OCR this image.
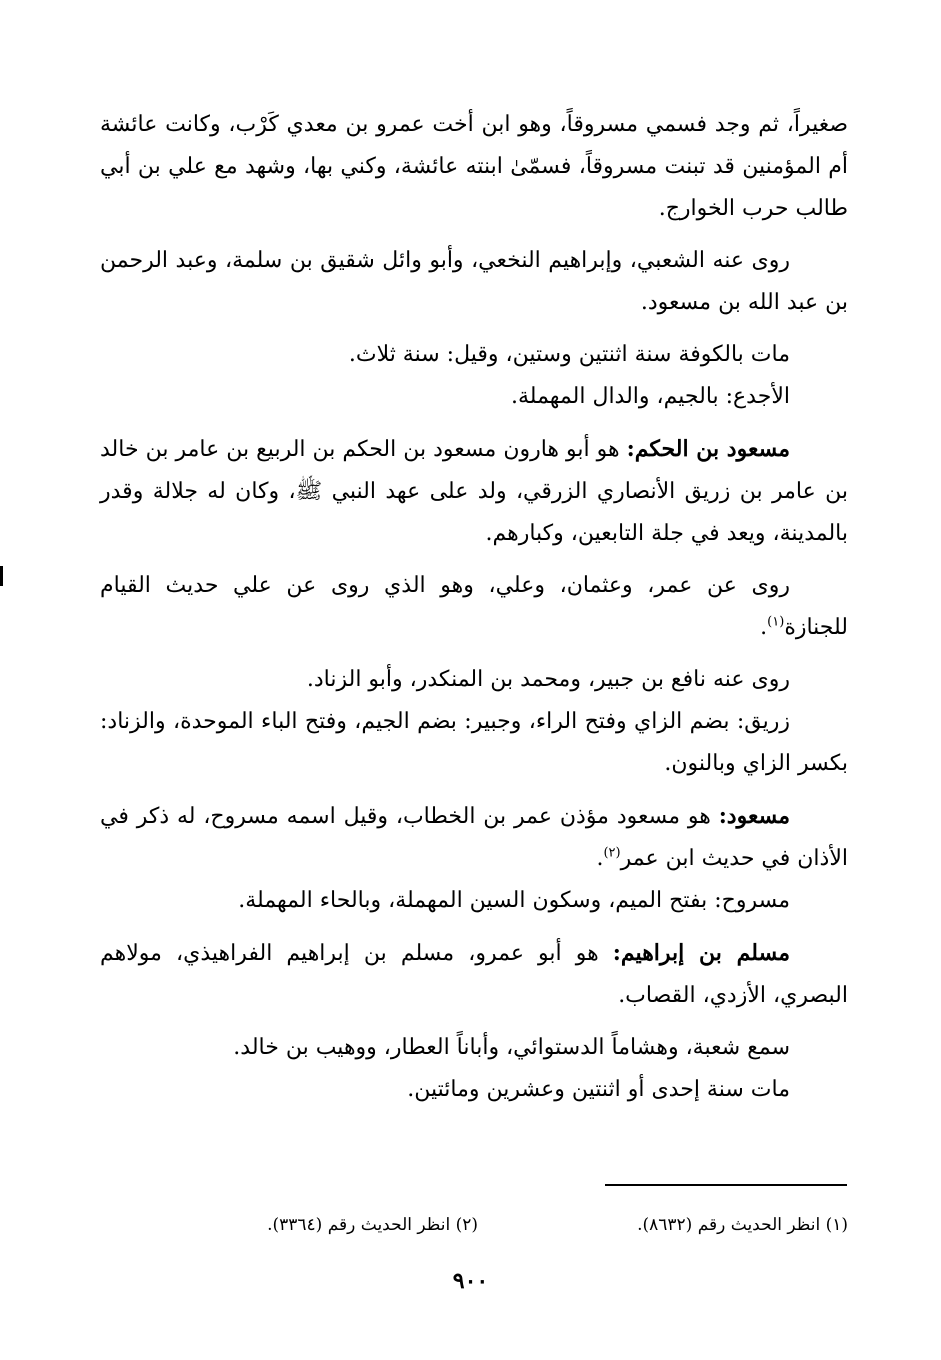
صغيراً، ثم وجد فسمي مسروقاً، وهو ابن أخت عمرو بن معدي كَرْب، وكانت عائشة أم المؤمنين قد تبنت مسروقاً، فسمّىٰ ابنته عائشة، وكني بها، وشهد مع علي بن أبي طالب حرب الخوارج.

روى عنه الشعبي، وإبراهيم النخعي، وأبو وائل شقيق بن سلمة، وعبد الرحمن بن عبد الله بن مسعود.

مات بالكوفة سنة اثنتين وستين، وقيل: سنة ثلاث.

الأجدع: بالجيم، والدال المهملة.

مسعود بن الحكم: هو أبو هارون مسعود بن الحكم بن الربيع بن عامر بن خالد بن عامر بن زريق الأنصاري الزرقي، ولد على عهد النبي ﷺ، وكان له جلالة وقدر بالمدينة، ويعد في جلة التابعين، وكبارهم.

روى عن عمر، وعثمان، وعلي، وهو الذي روى عن علي حديث القيام للجنازة$^{(١)}$.

روى عنه نافع بن جبير، ومحمد بن المنكدر، وأبو الزناد.

زريق: بضم الزاي وفتح الراء، وجبير: بضم الجيم، وفتح الباء الموحدة، والزناد: بكسر الزاي وبالنون.

مسعود: هو مسعود مؤذن عمر بن الخطاب، وقيل اسمه مسروح، له ذكر في الأذان في حديث ابن عمر$^{(٢)}$.

مسروح: بفتح الميم، وسكون السين المهملة، وبالحاء المهملة.

مسلم بن إبراهيم: هو أبو عمرو، مسلم بن إبراهيم الفراهيذي، مولاهم البصري، الأزدي، القصاب.

سمع شعبة، وهشاماً الدستوائي، وأباناً العطار، ووهيب بن خالد.

مات سنة إحدى أو اثنتين وعشرين ومائتين.

(١) انظر الحديث رقم (٨٦٣٢).
(٢) انظر الحديث رقم (٣٣٦٤).
٩٠٠
